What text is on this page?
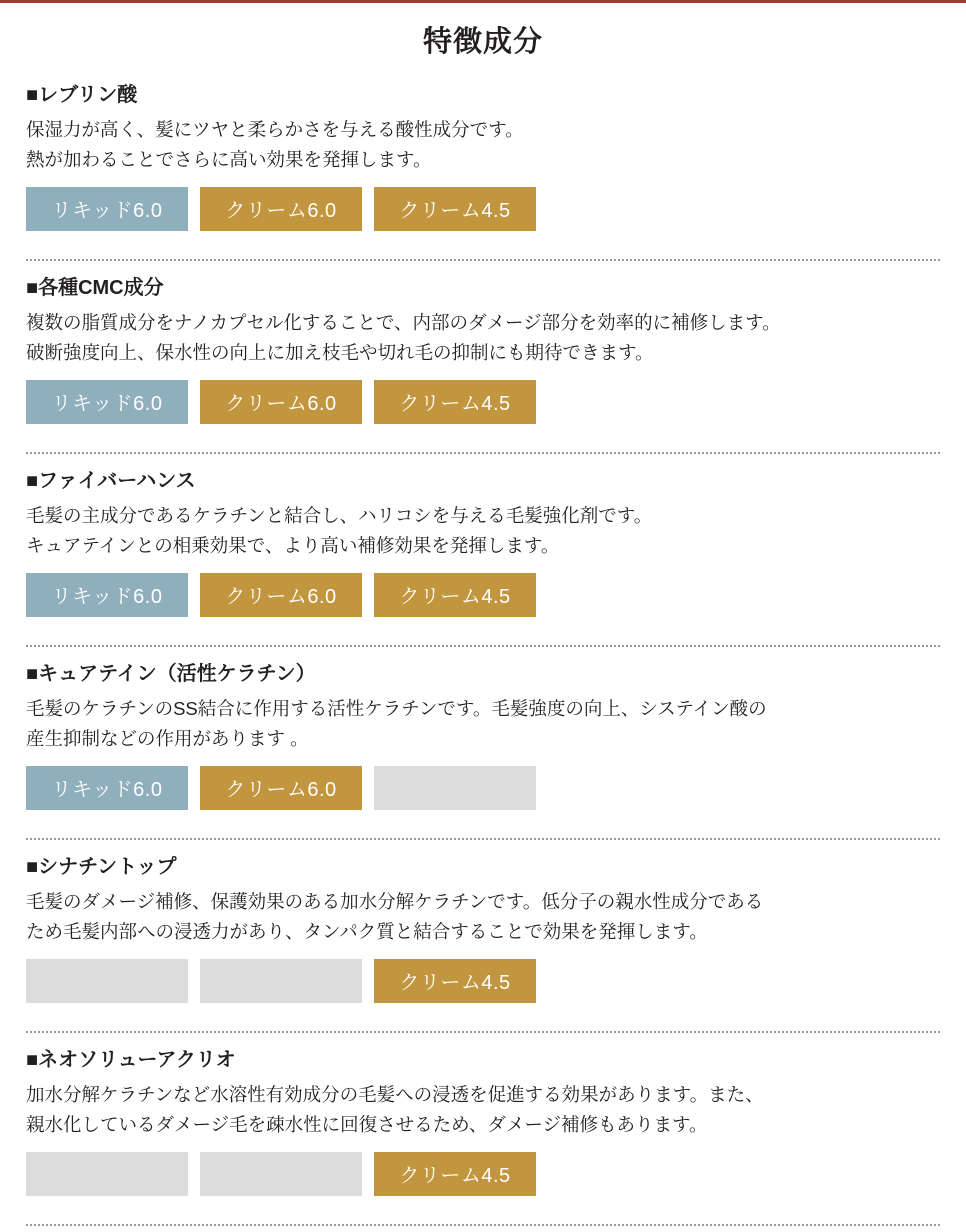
特徴成分
■レブリン酸

保湿力が高く、髪にツヤと柔らかさを与える酸性成分です。
熱が加わることでさらに高い効果を発揮します。

リキッド6.0	クリーム6.0	クリーム4.5
■各種CMC成分

複数の脂質成分をナノカプセル化することで、内部のダメージ部分を効率的に補修します。
破断強度向上、保水性の向上に加え枝毛や切れ毛の抑制にも期待できます。

リキッド6.0	クリーム6.0	クリーム4.5
■ファイバーハンス

毛髪の主成分であるケラチンと結合し、ハリコシを与える毛髪強化剤です。
キュアテインとの相乗効果で、より高い補修効果を発揮します。

リキッド6.0	クリーム6.0	クリーム4.5
■キュアテイン（活性ケラチン）

毛髪のケラチンのSS結合に作用する活性ケラチンです。毛髪強度の向上、システイン酸の
産生抑制などの作用があります 。

リキッド6.0	クリーム6.0
■シナチントップ

毛髪のダメージ補修、保護効果のある加水分解ケラチンです。低分子の親水性成分である
ため毛髪内部への浸透力があり、タンパク質と結合することで効果を発揮します。

クリーム4.5
■ネオソリューアクリオ

加水分解ケラチンなど水溶性有効成分の毛髪への浸透を促進する効果があります。また、
親水化しているダメージ毛を疎水性に回復させるため、ダメージ補修もあります。

クリーム4.5
